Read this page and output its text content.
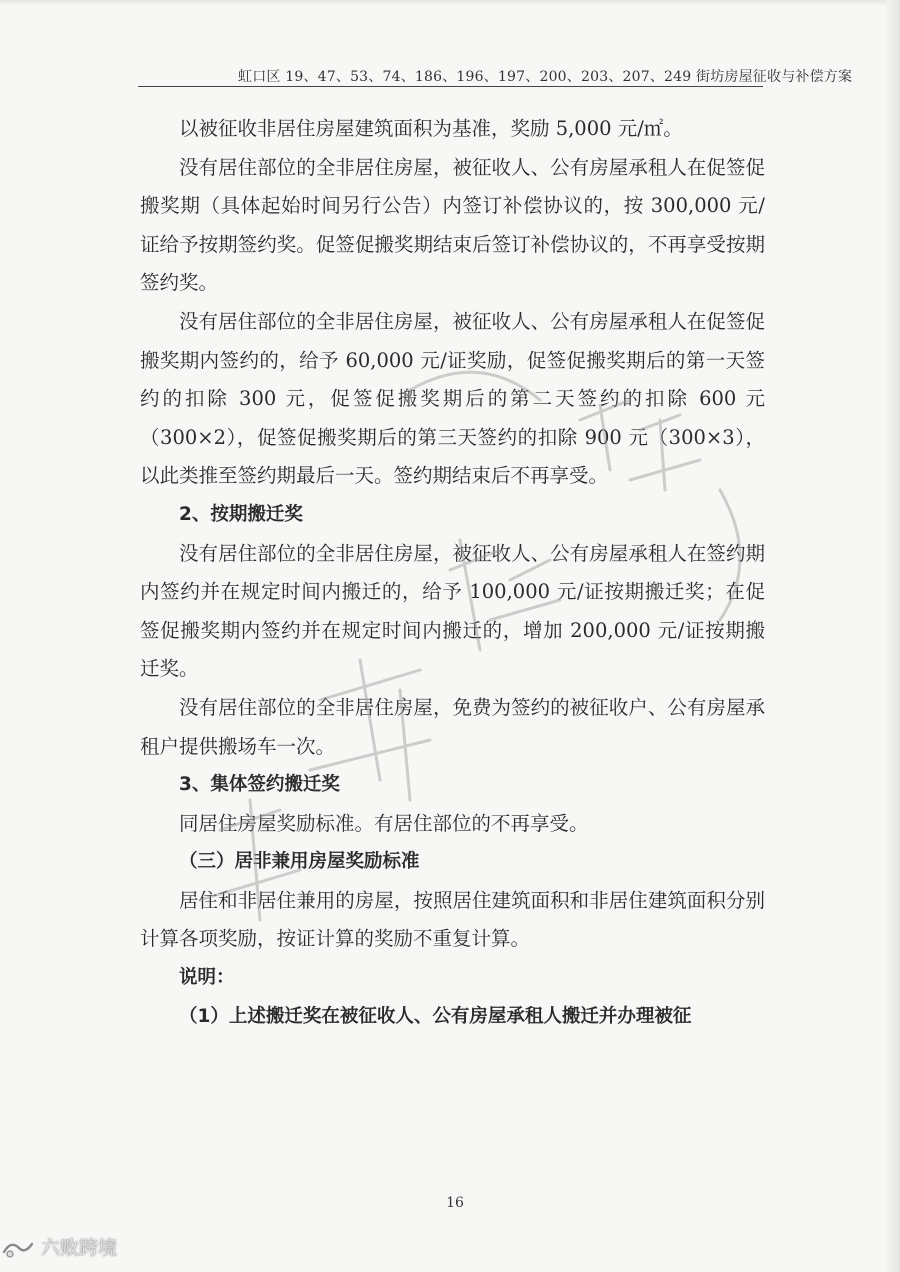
虹口区 19、47、53、74、186、196、197、200、203、207、249 街坊房屋征收与补偿方案

以被征收非居住房屋建筑面积为基准，奖励 5,000 元/㎡。

没有居住部位的全非居住房屋，被征收人、公有房屋承租人在促签促搬奖期（具体起始时间另行公告）内签订补偿协议的，按 300,000 元/证给予按期签约奖。促签促搬奖期结束后签订补偿协议的，不再享受按期签约奖。

没有居住部位的全非居住房屋，被征收人、公有房屋承租人在促签促搬奖期内签约的，给予 60,000 元/证奖励，促签促搬奖期后的第一天签约的扣除 300 元，促签促搬奖期后的第二天签约的扣除 600 元（300×2），促签促搬奖期后的第三天签约的扣除 900 元（300×3），以此类推至签约期最后一天。签约期结束后不再享受。

2、按期搬迁奖

没有居住部位的全非居住房屋，被征收人、公有房屋承租人在签约期内签约并在规定时间内搬迁的，给予 100,000 元/证按期搬迁奖；在促签促搬奖期内签约并在规定时间内搬迁的，增加 200,000 元/证按期搬迁奖。

没有居住部位的全非居住房屋，免费为签约的被征收户、公有房屋承租户提供搬场车一次。

3、集体签约搬迁奖

同居住房屋奖励标准。有居住部位的不再享受。

（三）居非兼用房屋奖励标准

居住和非居住兼用的房屋，按照居住建筑面积和非居住建筑面积分别计算各项奖励，按证计算的奖励不重复计算。

说明：

（1）上述搬迁奖在被征收人、公有房屋承租人搬迁并办理被征

16
六败跨境
